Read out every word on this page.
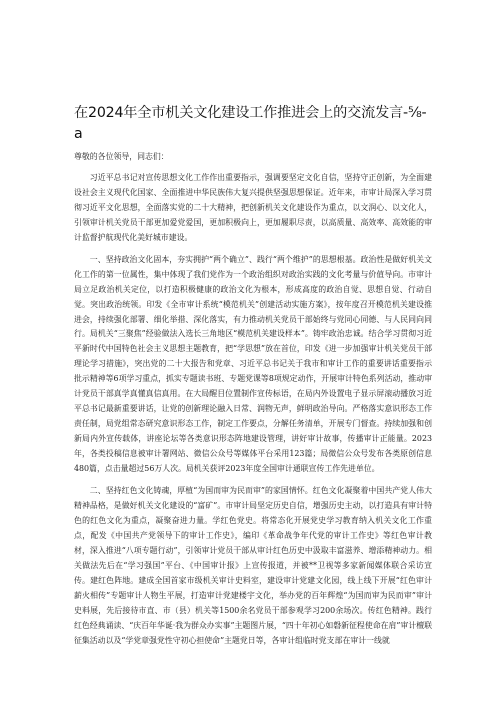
在2024年全市机关文化建设工作推进会上的交流发言-⅝-a

尊敬的各位领导，同志们：

习近平总书记对宣传思想文化工作作出重要指示，强调要坚定文化自信，坚持守正创新，为全面建设社会主义现代化国家、全面推进中华民族伟大复兴提供坚强思想保证。近年来，市审计局深入学习贯彻习近平文化思想，全面落实党的二十大精神，把创新机关文化建设作为重点，以文润心、以文化人，引领审计机关党员干部更加爱党爱国，更加积极向上，更加履职尽责，以高质量、高效率、高效能的审计监督护航现代化美好城市建设。

一、坚持政治文化固本，夯实拥护“两个确立”、践行“两个维护”的思想根基。政治性是做好机关文化工作的第一位属性，集中体现了我们党作为一个政治组织对政治实践的文化考量与价值导向。市审计局立足政治机关定位，以打造积极健康的政治文化为根本，形成高度的政治自觉、思想自觉、行动自觉。突出政治统领。印发《全市审计系统“模范机关”创建活动实施方案》，按年度召开模范机关建设推进会，持续强化部署、细化举措、深化落实，有力推动机关党员干部始终与党同心同德、与人民同向同行。局机关“三聚焦”经验做法入选长三角地区“模范机关建设样本”。铸牢政治忠诚。结合学习贯彻习近平新时代中国特色社会主义思想主题教育，把“学思想”放在首位，印发《进一步加强审计机关党员干部理论学习措施》，突出党的二十大报告和党章、习近平总书记关于我市和审计工作的重要讲话重要指示批示精神等6项学习重点，抓实专题读书班、专题党课等8项规定动作，开展审计特色系列活动，推动审计党员干部真学真懂真信真用。在大局醒目位置制作宣传标语，在局内外设置电子显示屏滚动播放习近平总书记最新重要讲话，让党的创新理论融入日常、润物无声，鲜明政治导向。严格落实意识形态工作责任制，局党组常态研究意识形态工作，制定工作要点，分解任务清单，开展专门督查。持续加强和创新局内外宣传载体，讲座论坛等各类意识形态阵地建设管理，讲好审计故事，传播审计正能量。2023年，各类投稿信息被审计署网站、微信公众号等媒体平台采用123篇；局微信公众号发布各类原创信息480篇，点击量超过56万人次。局机关获评2023年度全国审计通联宣传工作先进单位。

二、坚持红色文化铸魂，厚植“为国而审为民而审”的家国情怀。红色文化凝聚着中国共产党人伟大精神品格，是做好机关文化建设的“富矿”。市审计局坚定历史自信，增强历史主动，以打造具有审计特色的红色文化为重点，凝聚奋进力量。学红色党史。将常态化开展党史学习教育纳入机关文化工作重点，配发《中国共产党领导下的审计工作史》，编印《革命战争年代党的审计工作史》等红色审计教材，深入推进“八项专题行动”，引领审计党员干部从审计红色历史中汲取丰富滋养、增添精神动力。相关做法先后在“学习强国”平台、《中国审计报》上宣传报道，并被**卫视等多家新闻媒体联合采访宣传。建红色阵地。建成全国首家市级机关审计史料室，建设审计党建文化园，线上线下开展“红色审计薪火相传”专题审计人物生平展，打造审计党建楼宇文化，举办党的百年辉煌“为国而审为民而审”审计史料展，先后接待市直、市（县）机关等1500余名党员干部参观学习200余场次。传红色精神。践行红色经典诵读、“庆百年华诞·我为群众办实事”主题图片展，“四十年初心如磐新征程使命在肩”审计檀联征集活动以及“学党章强党性守初心担使命”主题党日等，各审计组临时党支部在审计一线就
